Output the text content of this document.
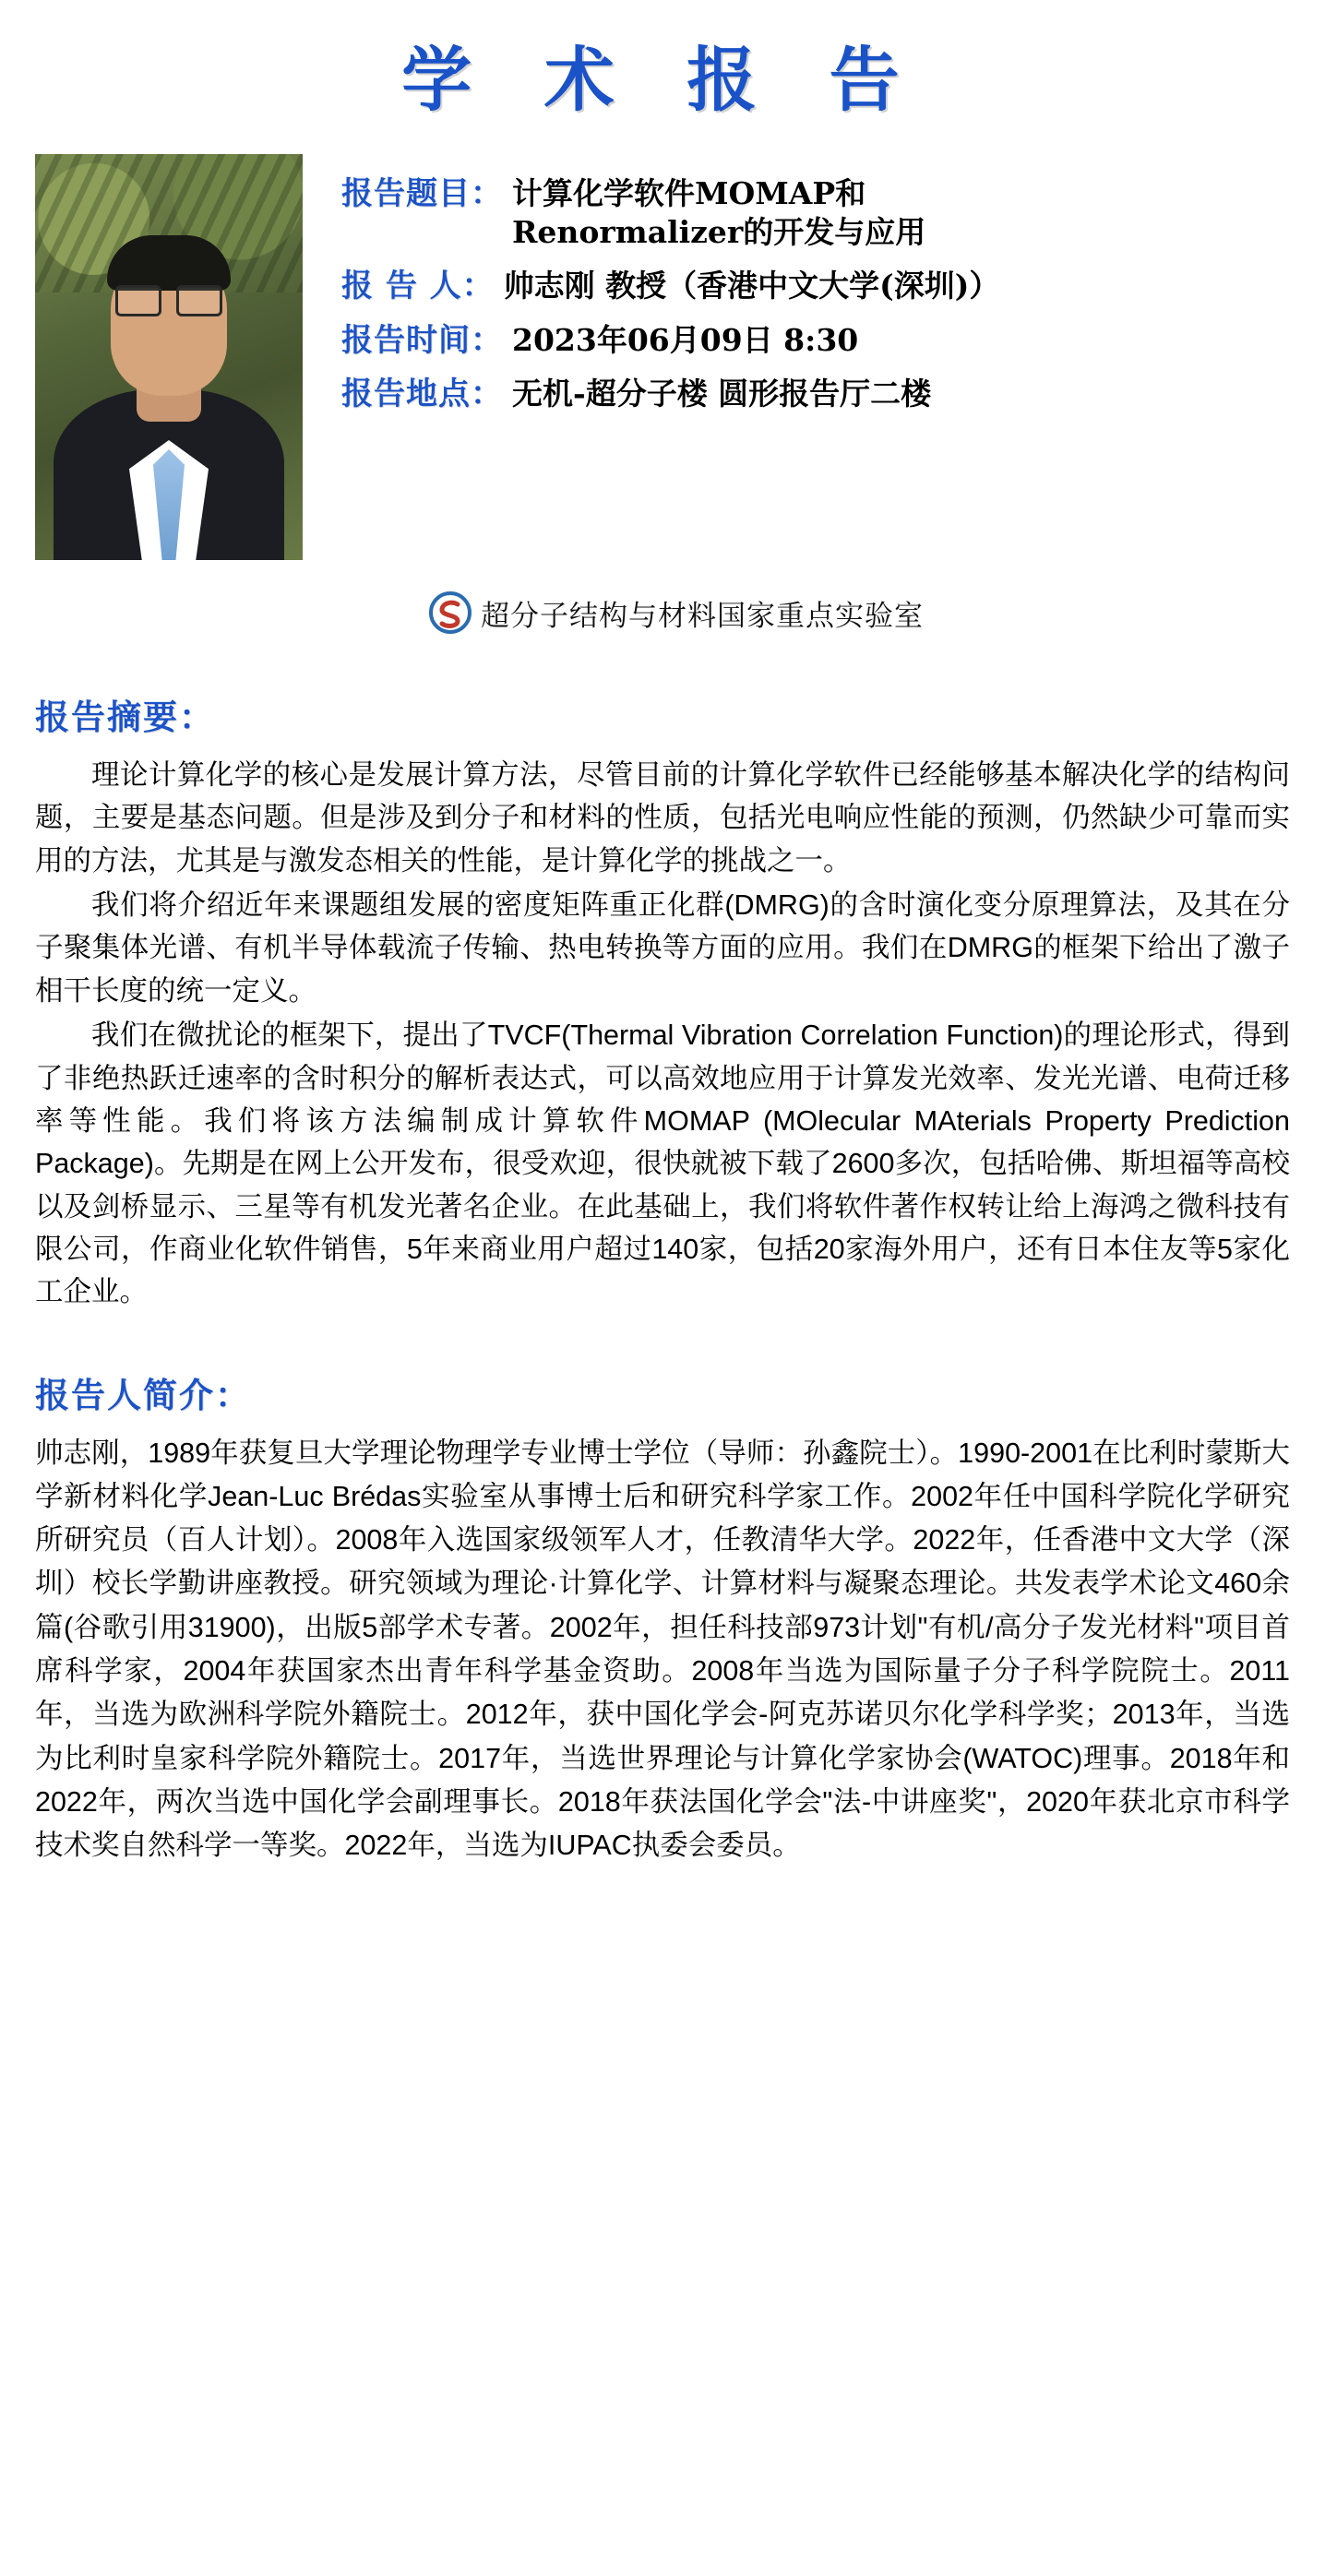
学 术 报 告
报告题目： 计算化学软件MOMAP和
Renormalizer的开发与应用
报 告 人： 帅志刚 教授（香港中文大学(深圳)）
报告时间： 2023年06月09日 8:30
报告地点： 无机-超分子楼 圆形报告厅二楼
超分子结构与材料国家重点实验室
报告摘要：

理论计算化学的核心是发展计算方法，尽管目前的计算化学软件已经能够基本解决化学的结构问题，主要是基态问题。但是涉及到分子和材料的性质，包括光电响应性能的预测，仍然缺少可靠而实用的方法，尤其是与激发态相关的性能，是计算化学的挑战之一。

我们将介绍近年来课题组发展的密度矩阵重正化群(DMRG)的含时演化变分原理算法，及其在分子聚集体光谱、有机半导体载流子传输、热电转换等方面的应用。我们在DMRG的框架下给出了激子相干长度的统一定义。

我们在微扰论的框架下，提出了TVCF(Thermal Vibration Correlation Function)的理论形式，得到了非绝热跃迁速率的含时积分的解析表达式，可以高效地应用于计算发光效率、发光光谱、电荷迁移率等性能。我们将该方法编制成计算软件MOMAP (MOlecular MAterials Property Prediction Package)。先期是在网上公开发布，很受欢迎，很快就被下载了2600多次，包括哈佛、斯坦福等高校以及剑桥显示、三星等有机发光著名企业。在此基础上，我们将软件著作权转让给上海鸿之微科技有限公司，作商业化软件销售，5年来商业用户超过140家，包括20家海外用户，还有日本住友等5家化工企业。

报告人简介：

帅志刚，1989年获复旦大学理论物理学专业博士学位（导师：孙鑫院士）。1990-2001在比利时蒙斯大学新材料化学Jean-Luc Brédas实验室从事博士后和研究科学家工作。2002年任中国科学院化学研究所研究员（百人计划）。2008年入选国家级领军人才，任教清华大学。2022年，任香港中文大学（深圳）校长学勤讲座教授。研究领域为理论·计算化学、计算材料与凝聚态理论。共发表学术论文460余篇(谷歌引用31900)，出版5部学术专著。2002年，担任科技部973计划"有机/高分子发光材料"项目首席科学家，2004年获国家杰出青年科学基金资助。2008年当选为国际量子分子科学院院士。2011年，当选为欧洲科学院外籍院士。2012年，获中国化学会-阿克苏诺贝尔化学科学奖；2013年，当选为比利时皇家科学院外籍院士。2017年，当选世界理论与计算化学家协会(WATOC)理事。2018年和2022年，两次当选中国化学会副理事长。2018年获法国化学会"法-中讲座奖"，2020年获北京市科学技术奖自然科学一等奖。2022年，当选为IUPAC执委会委员。
